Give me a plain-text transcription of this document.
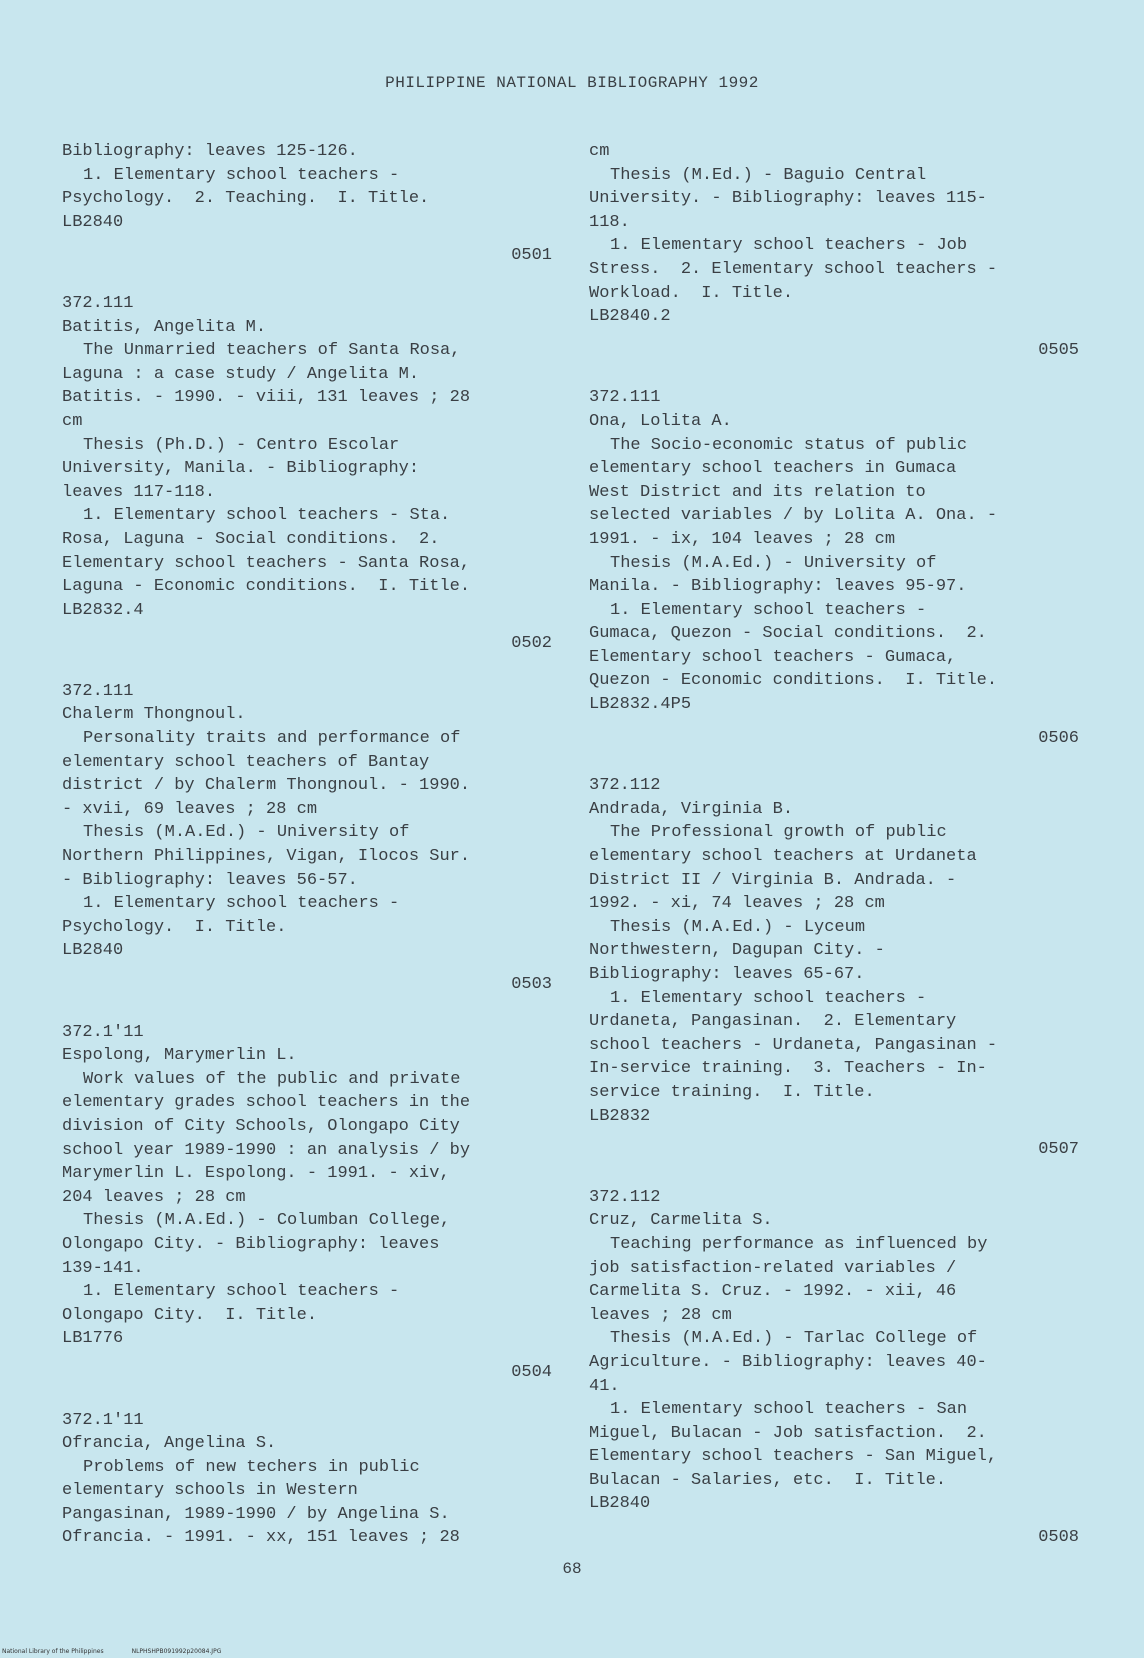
PHILIPPINE NATIONAL BIBLIOGRAPHY 1992
Bibliography: leaves 125-126.
1. Elementary school teachers -
Psychology.  2. Teaching.  I. Title.
LB2840
0501
372.111
Batitis, Angelita M.
The Unmarried teachers of Santa Rosa,
Laguna : a case study / Angelita M.
Batitis. - 1990. - viii, 131 leaves ; 28
cm
Thesis (Ph.D.) - Centro Escolar
University, Manila. - Bibliography:
leaves 117-118.
1. Elementary school teachers - Sta.
Rosa, Laguna - Social conditions.  2.
Elementary school teachers - Santa Rosa,
Laguna - Economic conditions.  I. Title.
LB2832.4
0502
372.111
Chalerm Thongnoul.
Personality traits and performance of
elementary school teachers of Bantay
district / by Chalerm Thongnoul. - 1990.
- xvii, 69 leaves ; 28 cm
Thesis (M.A.Ed.) - University of
Northern Philippines, Vigan, Ilocos Sur.
- Bibliography: leaves 56-57.
1. Elementary school teachers -
Psychology.  I. Title.
LB2840
0503
372.1'11
Espolong, Marymerlin L.
Work values of the public and private
elementary grades school teachers in the
division of City Schools, Olongapo City
school year 1989-1990 : an analysis / by
Marymerlin L. Espolong. - 1991. - xiv,
204 leaves ; 28 cm
Thesis (M.A.Ed.) - Columban College,
Olongapo City. - Bibliography: leaves
139-141.
1. Elementary school teachers -
Olongapo City.  I. Title.
LB1776
0504
372.1'11
Ofrancia, Angelina S.
Problems of new techers in public
elementary schools in Western
Pangasinan, 1989-1990 / by Angelina S.
Ofrancia. - 1991. - xx, 151 leaves ; 28
cm
Thesis (M.Ed.) - Baguio Central
University. - Bibliography: leaves 115-
118.
1. Elementary school teachers - Job
Stress.  2. Elementary school teachers -
Workload.  I. Title.
LB2840.2
0505
372.111
Ona, Lolita A.
The Socio-economic status of public
elementary school teachers in Gumaca
West District and its relation to
selected variables / by Lolita A. Ona. -
1991. - ix, 104 leaves ; 28 cm
Thesis (M.A.Ed.) - University of
Manila. - Bibliography: leaves 95-97.
1. Elementary school teachers -
Gumaca, Quezon - Social conditions.  2.
Elementary school teachers - Gumaca,
Quezon - Economic conditions.  I. Title.
LB2832.4P5
0506
372.112
Andrada, Virginia B.
The Professional growth of public
elementary school teachers at Urdaneta
District II / Virginia B. Andrada. -
1992. - xi, 74 leaves ; 28 cm
Thesis (M.A.Ed.) - Lyceum
Northwestern, Dagupan City. -
Bibliography: leaves 65-67.
1. Elementary school teachers -
Urdaneta, Pangasinan.  2. Elementary
school teachers - Urdaneta, Pangasinan -
In-service training.  3. Teachers - In-
service training.  I. Title.
LB2832
0507
372.112
Cruz, Carmelita S.
Teaching performance as influenced by
job satisfaction-related variables /
Carmelita S. Cruz. - 1992. - xii, 46
leaves ; 28 cm
Thesis (M.A.Ed.) - Tarlac College of
Agriculture. - Bibliography: leaves 40-
41.
1. Elementary school teachers - San
Miguel, Bulacan - Job satisfaction.  2.
Elementary school teachers - San Miguel,
Bulacan - Salaries, etc.  I. Title.
LB2840
0508
68
National Library of the Philippines	NLPHSHPB091992p20084.JPG
